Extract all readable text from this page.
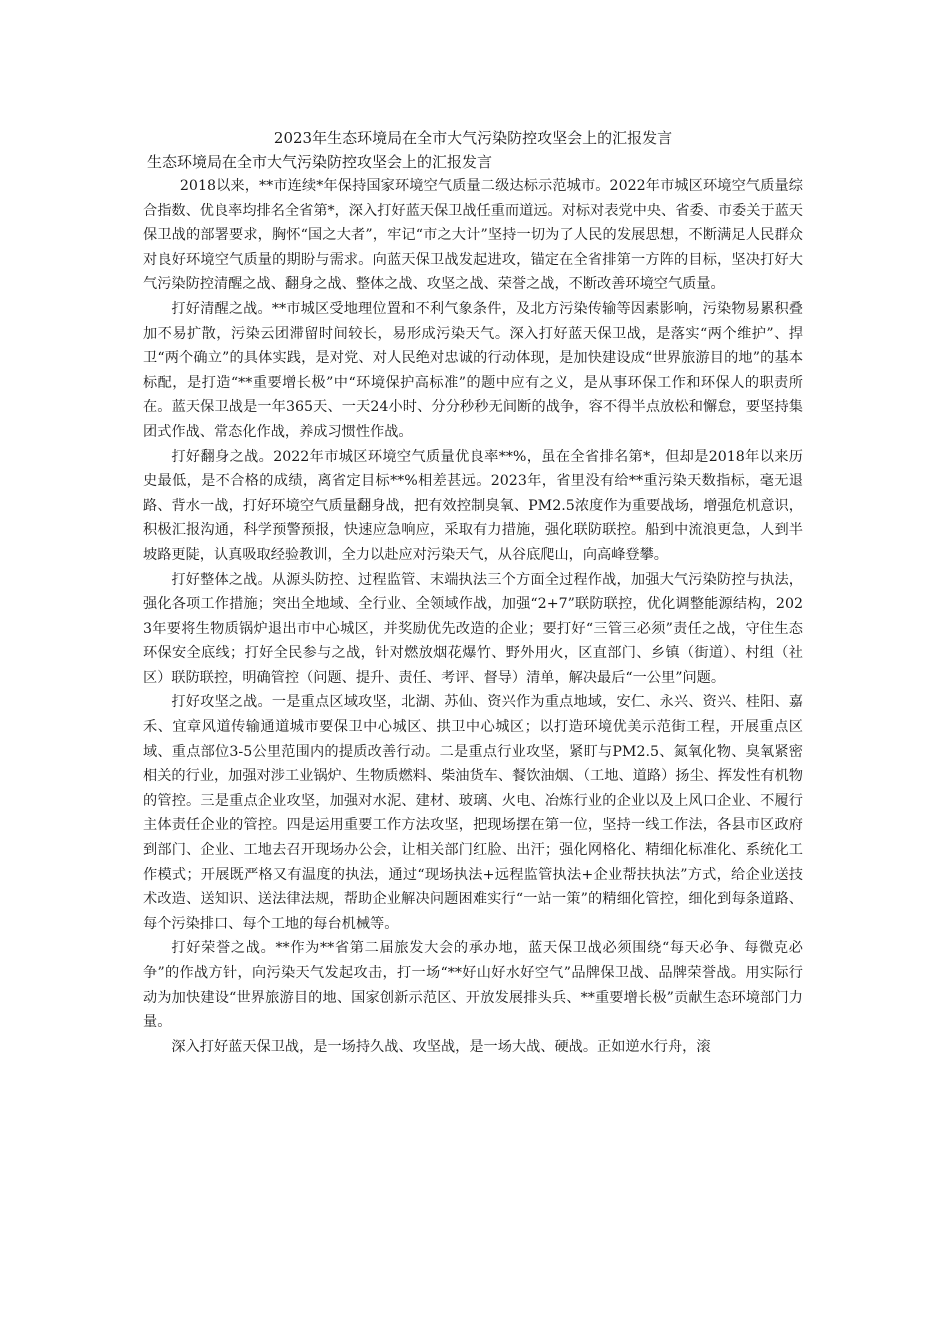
2023年生态环境局在全市大气污染防控攻坚会上的汇报发言
生态环境局在全市大气污染防控攻坚会上的汇报发言

2018以来，**市连续*年保持国家环境空气质量二级达标示范城市。2022年市城区环境空气质量综合指数、优良率均排名全省第*，深入打好蓝天保卫战任重而道远。对标对表党中央、省委、市委关于蓝天保卫战的部署要求，胸怀“国之大者”，牢记“市之大计”坚持一切为了人民的发展思想，不断满足人民群众对良好环境空气质量的期盼与需求。向蓝天保卫战发起进攻，锚定在全省排第一方阵的目标，坚决打好大气污染防控清醒之战、翻身之战、整体之战、攻坚之战、荣誉之战，不断改善环境空气质量。

打好清醒之战。**市城区受地理位置和不利气象条件，及北方污染传输等因素影响，污染物易累积叠加不易扩散，污染云团滞留时间较长，易形成污染天气。深入打好蓝天保卫战，是落实“两个维护”、捍卫“两个确立”的具体实践，是对党、对人民绝对忠诚的行动体现，是加快建设成“世界旅游目的地”的基本标配，是打造“**重要增长极”中“环境保护高标准”的题中应有之义，是从事环保工作和环保人的职责所在。蓝天保卫战是一年365天、一天24小时、分分秒秒无间断的战争，容不得半点放松和懈怠，要坚持集团式作战、常态化作战，养成习惯性作战。

打好翻身之战。2022年市城区环境空气质量优良率**%，虽在全省排名第*，但却是2018年以来历史最低，是不合格的成绩，离省定目标**%相差甚远。2023年，省里没有给**重污染天数指标，毫无退路、背水一战，打好环境空气质量翻身战，把有效控制臭氧、PM2.5浓度作为重要战场，增强危机意识，积极汇报沟通，科学预警预报，快速应急响应，采取有力措施，强化联防联控。船到中流浪更急，人到半坡路更陡，认真吸取经验教训，全力以赴应对污染天气，从谷底爬山，向高峰登攀。

打好整体之战。从源头防控、过程监管、末端执法三个方面全过程作战，加强大气污染防控与执法，强化各项工作措施；突出全地域、全行业、全领域作战，加强“2+7”联防联控，优化调整能源结构，2023年要将生物质锅炉退出市中心城区，并奖励优先改造的企业；要打好“三管三必须”责任之战，守住生态环保安全底线；打好全民参与之战，针对燃放烟花爆竹、野外用火，区直部门、乡镇（街道）、村组（社区）联防联控，明确管控（问题、提升、责任、考评、督导）清单，解决最后“一公里”问题。

打好攻坚之战。一是重点区域攻坚，北湖、苏仙、资兴作为重点地域，安仁、永兴、资兴、桂阳、嘉禾、宜章风道传输通道城市要保卫中心城区、拱卫中心城区；以打造环境优美示范街工程，开展重点区域、重点部位3-5公里范围内的提质改善行动。二是重点行业攻坚，紧盯与PM2.5、氮氧化物、臭氧紧密相关的行业，加强对涉工业锅炉、生物质燃料、柴油货车、餐饮油烟、（工地、道路）扬尘、挥发性有机物的管控。三是重点企业攻坚，加强对水泥、建材、玻璃、火电、冶炼行业的企业以及上风口企业、不履行主体责任企业的管控。四是运用重要工作方法攻坚，把现场摆在第一位，坚持一线工作法，各县市区政府到部门、企业、工地去召开现场办公会，让相关部门红脸、出汗；强化网格化、精细化标准化、系统化工作模式；开展既严格又有温度的执法，通过“现场执法+远程监管执法+企业帮扶执法”方式，给企业送技术改造、送知识、送法律法规，帮助企业解决问题困难实行“一站一策”的精细化管控，细化到每条道路、每个污染排口、每个工地的每台机械等。

打好荣誉之战。**作为**省第二届旅发大会的承办地，蓝天保卫战必须围绕“每天必争、每微克必争”的作战方针，向污染天气发起攻击，打一场“**好山好水好空气”品牌保卫战、品牌荣誉战。用实际行动为加快建设“世界旅游目的地、国家创新示范区、开放发展排头兵、**重要增长极”贡献生态环境部门力量。

深入打好蓝天保卫战，是一场持久战、攻坚战，是一场大战、硬战。正如逆水行舟，滚
